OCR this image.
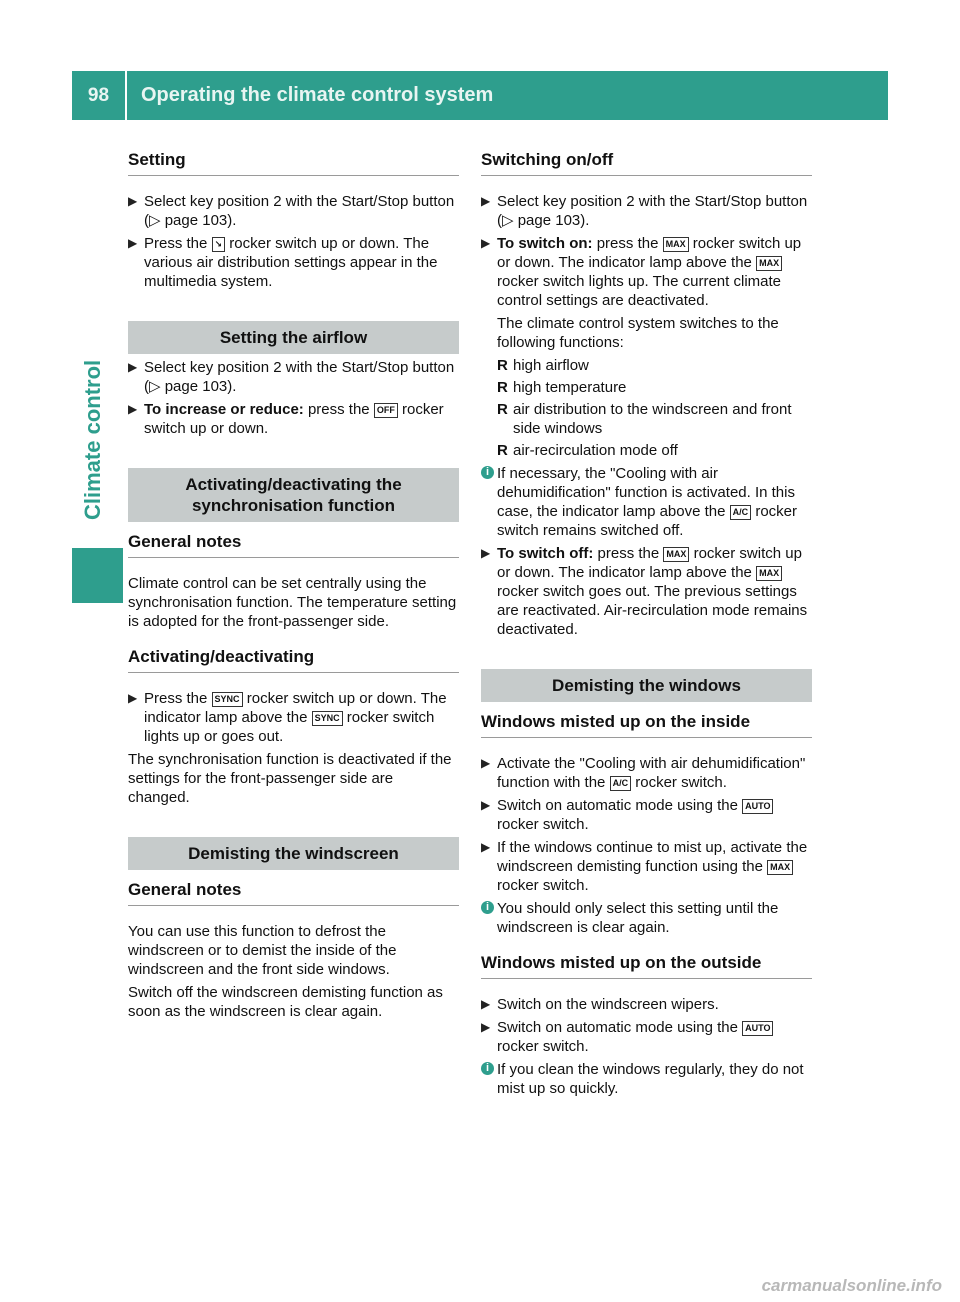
98	Operating the climate control system
Climate control
Setting
▶ Select key position 2 with the Start/Stop button (▷ page 103).
▶ Press the ↘ rocker switch up or down. The various air distribution settings appear in the multimedia system.
Setting the airflow
▶ Select key position 2 with the Start/Stop button (▷ page 103).
▶ To increase or reduce: press the OFF rocker switch up or down.
Activating/deactivating the synchronisation function
General notes

Climate control can be set centrally using the synchronisation function. The temperature setting is adopted for the front-passenger side.

Activating/deactivating
▶ Press the SYNC rocker switch up or down. The indicator lamp above the SYNC rocker switch lights up or goes out.

The synchronisation function is deactivated if the settings for the front-passenger side are changed.

Demisting the windscreen
General notes

You can use this function to defrost the windscreen or to demist the inside of the windscreen and the front side windows.

Switch off the windscreen demisting function as soon as the windscreen is clear again.

Switching on/off
▶ Select key position 2 with the Start/Stop button (▷ page 103).
▶ To switch on: press the MAX rocker switch up or down. The indicator lamp above the MAX rocker switch lights up. The current climate control settings are deactivated.

The climate control system switches to the following functions:

R high airflow
R high temperature
R air distribution to the windscreen and front side windows
R air-recirculation mode off
i If necessary, the "Cooling with air dehumidification" function is activated. In this case, the indicator lamp above the A/C rocker switch remains switched off.
▶ To switch off: press the MAX rocker switch up or down. The indicator lamp above the MAX rocker switch goes out. The previous settings are reactivated. Air-recirculation mode remains deactivated.
Demisting the windows
Windows misted up on the inside
▶ Activate the "Cooling with air dehumidification" function with the A/C rocker switch.
▶ Switch on automatic mode using the AUTO rocker switch.
▶ If the windows continue to mist up, activate the windscreen demisting function using the MAX rocker switch.
i You should only select this setting until the windscreen is clear again.
Windows misted up on the outside
▶ Switch on the windscreen wipers.
▶ Switch on automatic mode using the AUTO rocker switch.
i If you clean the windows regularly, they do not mist up so quickly.
carmanualsonline.info
